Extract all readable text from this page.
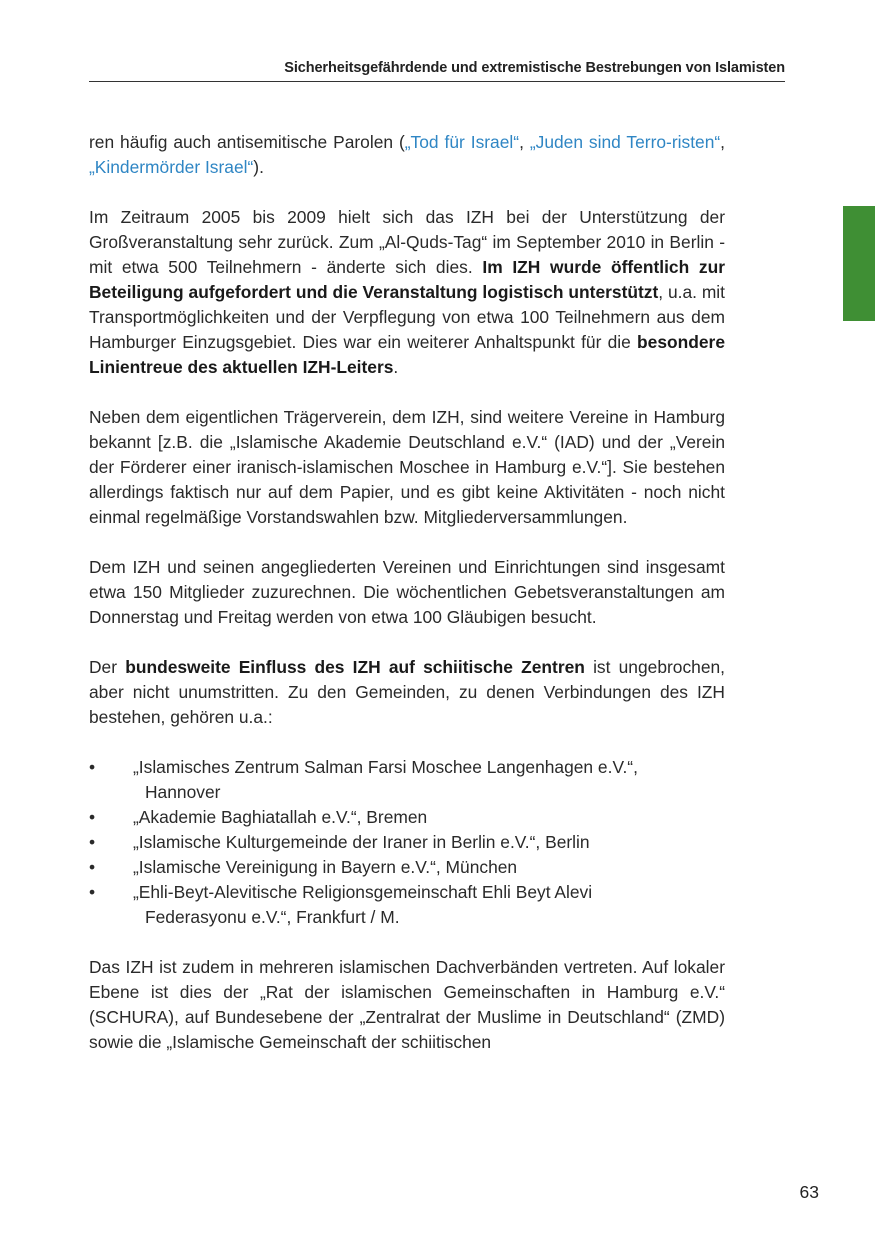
Sicherheitsgefährdende und extremistische Bestrebungen von Islamisten

ren häufig auch antisemitische Parolen („Tod für Israel“, „Juden sind Terro-risten“, „Kindermörder Israel“).

Im Zeitraum 2005 bis 2009 hielt sich das IZH bei der Unterstützung der Großveranstaltung sehr zurück. Zum „Al-Quds-Tag“ im September 2010 in Berlin - mit etwa 500 Teilnehmern - änderte sich dies. Im IZH wurde öffentlich zur Beteiligung aufgefordert und die Veranstaltung logistisch unterstützt, u.a. mit Transportmöglichkeiten und der Verpflegung von etwa 100 Teilnehmern aus dem Hamburger Einzugsgebiet. Dies war ein weiterer Anhaltspunkt für die besondere Linientreue des aktuellen IZH-Leiters.

Neben dem eigentlichen Trägerverein, dem IZH, sind weitere Vereine in Hamburg bekannt [z.B. die „Islamische Akademie Deutschland e.V.“ (IAD) und der „Verein der Förderer einer iranisch-islamischen Moschee in Hamburg e.V.“]. Sie bestehen allerdings faktisch nur auf dem Papier, und es gibt keine Aktivitäten - noch nicht einmal regelmäßige Vorstandswahlen bzw. Mitgliederversammlungen.

Dem IZH und seinen angegliederten Vereinen und Einrichtungen sind insgesamt etwa 150 Mitglieder zuzurechnen. Die wöchentlichen Gebetsveranstaltungen am Donnerstag und Freitag werden von etwa 100 Gläubigen besucht.

Der bundesweite Einfluss des IZH auf schiitische Zentren ist ungebrochen, aber nicht unumstritten. Zu den Gemeinden, zu denen Verbindungen des IZH bestehen, gehören u.a.:

• „Islamisches Zentrum Salman Farsi Moschee Langenhagen e.V.“,
Hannover
• „Akademie Baghiatallah e.V.“, Bremen
• „Islamische Kulturgemeinde der Iraner in Berlin e.V.“, Berlin
• „Islamische Vereinigung in Bayern e.V.“, München
• „Ehli-Beyt-Alevitische Religionsgemeinschaft Ehli Beyt Alevi
Federasyonu e.V.“, Frankfurt / M.

Das IZH ist zudem in mehreren islamischen Dachverbänden vertreten. Auf lokaler Ebene ist dies der „Rat der islamischen Gemeinschaften in Hamburg e.V.“ (SCHURA), auf Bundesebene der „Zentralrat der Muslime in Deutschland“ (ZMD) sowie die „Islamische Gemeinschaft der schiitischen

63
